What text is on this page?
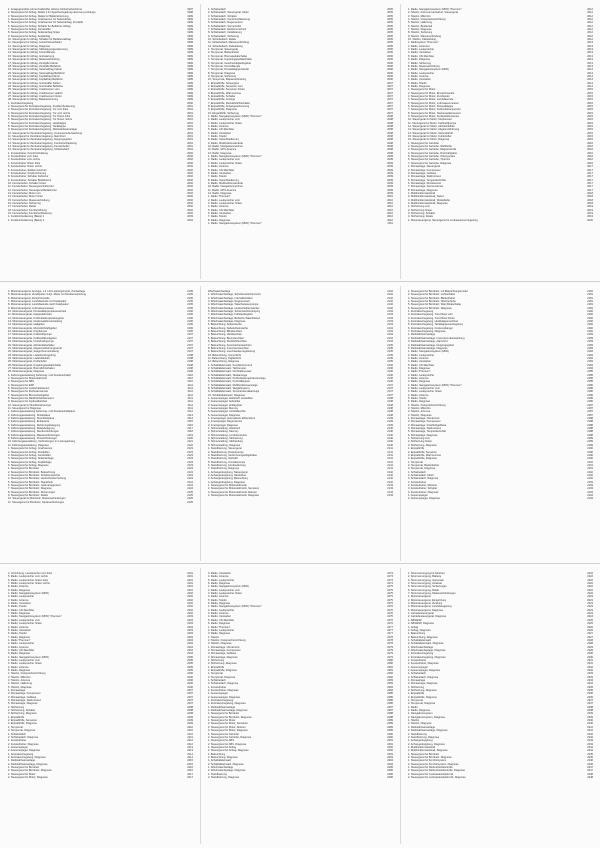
1. Anlagegrundriss (ohne Kraftstoffe) Hohere Sicherheitsschirme	1997
2. Steuergerat fur Airbag, Relais 2 fur Speicherregelung Hemmung Anhange	1998
3. Steuergerat fur Airbag, Relais fur Batterietrennung	1999
4. Steuergerat fur Airbag, Crashsensor fur Seitenairbag	1999
5. Steuergerat fur Airbag, Crashsensor fur Seitenairbag, Zundpille	1999
6. Steuergerat fur Airbag, Schalter fur Beifahrer-Airbag	1999
7. Steuergerat fur Airbag, Gurtstraffer	1999
8. Steuergerat fur Airbag, Seitenairbag hinten	1999
9. Steuergerat fur Airbag, Kopfairbag	1999
10. Steuergerat fur Airbag, Schalter fur Beifahrerairbag	1999
11. Steuergerat fur Airbag, Gurtschlossschalter	1999
12. Steuergerat fur Airbag, Diagnose	1999
13. Steuergerat fur Airbag, Sitzbelegungserkennung	1999
14. Steuergerat fur Airbag, Kontrolllampe	1999
15. Steuergerat fur Airbag, Gurtwarnung	1999
16. Steuergerat fur Airbag, Masseverbindung	1999
17. Steuergerat fur Airbag, Zundpille Fahrer	1999
18. Steuergerat fur Airbag, Zundpille Beifahrer	1999
19. Steuergerat fur Airbag, Seitenairbag Fahrer	1999
20. Steuergerat fur Airbag, Seitenairbag Beifahrer	1999
21. Steuergerat fur Airbag, Kopfairbag Fahrer	1999
22. Steuergerat fur Airbag, Kopfairbag Beifahrer	1999
23. Steuergerat fur Airbag, Gurtstraffer Fahrer	1999
24. Steuergerat fur Airbag, Gurtstraffer Beifahrer	1999
25. Steuergerat fur Airbag, Crashsensor vorn	1999
26. Steuergerat fur Airbag, Crashsensor seitlich	1999
27. Steuergerat fur Airbag, Crashsensor hinten	1999
28. Steuergerat fur Airbag, Batterietrennung	1999
1. Zentralverriegelung	2000
2. Steuergerat fur Zentralverriegelung, Funkfernbedienung	2001
3. Steuergerat fur Zentralverriegelung, Tur vorn links	2001
4. Steuergerat fur Zentralverriegelung, Tur vorn rechts	2001
5. Steuergerat fur Zentralverriegelung, Tur hinten links	2001
6. Steuergerat fur Zentralverriegelung, Tur hinten rechts	2001
7. Steuergerat fur Zentralverriegelung, Heckklappe	2001
8. Steuergerat fur Zentralverriegelung, Tankklappe	2001
9. Steuergerat fur Zentralverriegelung, Diebstahlwarnanlage	2001
10. Steuergerat fur Zentralverriegelung, Innenraumuberwachung	2001
11. Steuergerat fur Zentralverriegelung, Alarmhorn	2001
12. Steuergerat fur Zentralverriegelung, Neigungsgeber	2001
13. Steuergerat fur Zentralverriegelung, Komfortschliessung	2001
14. Steuergerat fur Zentralverriegelung, Fensterheber	2001
15. Steuergerat fur Zentralverriegelung, Schiebedach	2001
1. Fensterheber, Komfortschaltung	2002
2. Fensterheber vorn links	2002
3. Fensterheber vorn rechts	2002
4. Fensterheber hinten links	2002
5. Fensterheber hinten rechts	2002
6. Fensterheber, Einklemmschutz	2002
7. Fensterheber, Kindersicherung	2002
8. Fensterheber, Schalter Fahrertur	2002
9. Fensterheber, Schalter Beifahrertur	2002
10. Fensterheber, Schalter hinten	2002
11. Fensterheber, Steuergerat Fahrertur	2002
12. Fensterheber, Steuergerat Beifahrertur	2002
13. Fensterheber, Motor vorn	2002
14. Fensterheber, Motor hinten	2002
15. Fensterheber, Masseverbindung	2002
16. Fensterheber, Sicherung	2002
17. Fensterheber, Relais	2002
18. Fensterheber, Komfortoffnung	2002
19. Fensterheber, Komfortschliessung	2002
1. Funkfernbedienung (Basis) 1	2003
1. Funkfernbedienung (Basis) 2	2004
1. Schiebedach	2005
2. Schiebedach, Steuergerat, Motor	2005
3. Schiebedach, Schalter	2005
4. Schiebedach, Komfortschliessung	2005
5. Schiebedach, Regensensor	2005
6. Schiebedach, Sonnenrollo	2005
7. Schiebedach, Einklemmschutz	2005
8. Schiebedach, Initialisierung	2005
9. Schiebedach, Sicherung	2005
10. Schiebedach, Relais	2005
11. Schiebedach, Masseverbindung	2005
12. Schiebedach, Kabelstrang	2005
1. Tempomat, Steuergerat	2006
2. Tempomat, Bedienhebel	2006
3. Tempomat, Bremspedalschalter	2006
4. Tempomat, Kupplungspedalschalter	2006
5. Tempomat, Geschwindigkeitsgeber	2006
6. Tempomat, Kontrolllampe	2006
7. Tempomat, Drosselklappensteller	2006
8. Tempomat, Diagnose	2006
9. Tempomat, Sicherung	2006
10. Tempomat, Masseverbindung	2006
1. Einparkhilfe, Steuergerat	2007
2. Einparkhilfe, Sensoren vorn	2007
3. Einparkhilfe, Sensoren hinten	2007
4. Einparkhilfe, Warnsummer	2007
5. Einparkhilfe, Schalter	2007
6. Einparkhilfe, Anzeige	2007
7. Einparkhilfe, Ruckfahrlichtschalter	2007
8. Einparkhilfe, Anhangererkennung	2007
9. Einparkhilfe, Diagnose	2007
10. Einparkhilfe, Sicherung	2007
1. Radio, Navigationssystem (MFD) "Premium"	2008
2. Radio, Lautsprecher vorn	2008
3. Radio, Lautsprecher hinten	2008
4. Radio, Antenne	2008
5. Radio, CD-Wechsler	2008
6. Radio, Verstarker	2008
7. Radio, Telefon	2008
8. Radio, Sprachbedienung	2008
9. Radio, Multifunktionslenkrad	2008
10. Radio, Navigationsrechner	2008
11. Radio, GPS-Antenne	2008
12. Radio, Diagnose	2008
1. Radio, Navigationssystem (MFD) "Premium"	2009
2. Radio, Lautsprecher vorn	2009
3. Radio, Lautsprecher hinten	2009
4. Radio, Antenne	2009
5. Radio, CD-Wechsler	2009
6. Radio, Verstarker	2009
7. Radio, Telefon	2009
8. Radio, Sprachbedienung	2009
9. Radio, Multifunktionslenkrad	2009
10. Radio, Navigationsrechner	2009
11. Radio, GPS-Antenne	2009
12. Radio, Diagnose	2009
1. Radio "Premium"	2010
2. Radio, Lautsprecher vorn	2010
3. Radio, Lautsprecher hinten	2010
4. Radio, Antenne	2010
5. Radio, CD-Wechsler	2010
6. Radio, Verstarker	2010
7. Radio, Telefon	2010
8. Radio, Diagnose	2010
1. Radio, Navigationssystem (MFD) "Premium"	2011
1. Radio, Navigationssystem (MFD) "Premium"	2012
2. Telefon, Antennenverstarker, Steuergerat	2012
3. Telefon, Mikrofon	2012
4. Telefon, Freisprecheinrichtung	2012
5. Telefon, Halterung	2012
6. Telefon, Bedienteil	2012
7. Telefon, Diagnose	2012
8. Telefon, Sicherung	2012
9. Telefon, Masseverbindung	2012
10. Telefon, Kabelstrang	2012
1. Radiosystem "Premium"	2013
2. Radio, Antennen	2013
3. Radio, Lautsprecher	2013
4. Radio, Verstarker	2013
5. Radio, CD-Wechsler	2013
6. Radio, Diagnose	2013
7. Radio, Sicherung	2013
8. Radio, Masseverbindung	2013
1. Radio, Navigationssystem (MFD)	2014
2. Radio, Lautsprecher	2014
3. Radio, Antenne	2014
4. Radio, Verstarker	2014
5. Radio, Telefon	2014
6. Radio, Diagnose	2014
1. Steuergerat fur Motor	2015
2. Steuergerat fur Motor, Einspritzventile	2015
3. Steuergerat fur Motor, Zundspulen	2015
4. Steuergerat fur Motor, Lambdasonde	2015
5. Steuergerat fur Motor, Luftmassenmesser	2015
6. Steuergerat fur Motor, Drosselklappe	2015
7. Steuergerat fur Motor, Kuhlmitteltemperatur	2015
8. Steuergerat fur Motor, Nockenwellensensor	2015
9. Steuergerat fur Motor, Kurbelwellensensor	2015
10. Steuergerat fur Motor, Klopfsensor	2015
11. Steuergerat fur Motor, Kraftstoffpumpe	2015
12. Steuergerat fur Motor, Aktivkohlefilter	2015
13. Steuergerat fur Motor, Abgasruckfuhrung	2015
14. Steuergerat fur Motor, Sekundarluft	2015
15. Steuergerat fur Motor, Kuhlerlufter	2015
16. Steuergerat fur Motor, Diagnose	2015
1. Steuergerat fur Getriebe	2016
2. Steuergerat fur Getriebe, Wahlhebel	2016
3. Steuergerat fur Getriebe, Magnetventile	2016
4. Steuergerat fur Getriebe, Drehzahlgeber	2016
5. Steuergerat fur Getriebe, Oltemperatur	2016
6. Steuergerat fur Getriebe, Tiptronic	2016
7. Steuergerat fur Getriebe, Diagnose	2016
1. Klimaanlage, Steuergerat	2017
2. Klimaanlage, Kompressor	2017
3. Klimaanlage, Geblase	2017
4. Klimaanlage, Stellmotoren	2017
5. Klimaanlage, Temperaturfuhler	2017
6. Klimaanlage, Drucksensor	2017
7. Klimaanlage, Sonnensensor	2017
8. Klimaanlage, Diagnose	2017
1. Multifunktionslenkrad	2018
2. Multifunktionslenkrad, Tasten	2018
3. Multifunktionslenkrad, Wickelfeder	2018
4. Multifunktionslenkrad, Diagnose	2018
1. Sitzheizung vorn	2019
2. Sitzheizung hinten	2019
3. Sitzheizung, Schalter	2019
4. Sitzheizung, Relais	2019
1. Motorsteuergerat, Steuergerat fur Lenksaulenverriegelung	2020
4. Motorsteuergerat, Anzeige, 1.4 l-4V-Leistungsmotor, Zundanlage	2105
5. Motorsteuergerat, Zundspulen 4-Zyl.-Motor mit Direkteinspritzung	2105
6. Motorsteuergerat, Einspritzventile	2105
7. Motorsteuergerat, Lambdasonde vor Katalysator	2105
8. Motorsteuergerat, Lambdasonde nach Katalysator	2105
9. Motorsteuergerat, Luftmassenmesser	2105
10. Motorsteuergerat, Drosselklappensteuereinheit	2106
11. Motorsteuergerat, Gaspedalmodul	2106
12. Motorsteuergerat, Kuhlmitteltemperaturgeber	2106
13. Motorsteuergerat, Nockenwellenverstellung	2106
14. Motorsteuergerat, Hallgeber	2106
15. Motorsteuergerat, Motordrehzahlgeber	2106
16. Motorsteuergerat, Klopfsensor	2106
17. Motorsteuergerat, Kraftstoffpumpe	2107
18. Motorsteuergerat, Kraftstoffdruckgeber	2107
19. Motorsteuergerat, Hochdruckpumpe	2107
20. Motorsteuergerat, Aktivkohlebehalter	2107
21. Motorsteuergerat, Abgasruckfuhrungsventil	2107
22. Motorsteuergerat, Saugrohrumschaltung	2107
23. Motorsteuergerat, Ladedruckregelung	2108
24. Motorsteuergerat, Ladeluftkuhler	2108
25. Motorsteuergerat, Kuhlerlufter	2108
26. Motorsteuergerat, Kupplungspedalschalter	2108
27. Motorsteuergerat, Bremslichtschalter	2108
28. Motorsteuergerat, Diagnose	2108
1. Fahrzeugausstattung Fahrzeug- und Sonderschaltpl.	2110
2. Steuergerat fur Motorelektronik	2110
3. Steuergerat fur ABS	2110
4. Steuergerat fur ESP	2111
5. Steuergerat fur Lenkwinkelsensor	2111
6. Steuergerat fur Drehratensensor	2111
7. Steuergerat fur Bremsdruckgeber	2111
8. Steuergerat fur Raddrehzahlsensoren	2111
9. Steuergerat fur Hydraulikeinheit	2111
10. Steuergerat fur Ruckforderpumpe	2111
11. Steuergerat fur Diagnose	2111
1. Fahrzeugausstattung Fahrzeug- und Sonderschaltplane	2112
2. Fahrzeugausstattung, Schaltplane	2113
3. Fahrzeugausstattung, Stromlaufplane	2114
4. Fahrzeugausstattung, Einbauorte	2115
5. Fahrzeugausstattung, Sicherungsbelegung	2116
6. Fahrzeugausstattung, Relaisbelegung	2117
7. Fahrzeugausstattung, Steckverbindungen	2118
8. Fahrzeugausstattung, Masseverbindungen	2119
9. Fahrzeugausstattung, Plusverbindungen	2120
10. Fahrzeugausstattung, Verbindungen im Leitungsstrang	2121
11. Fahrzeugausstattung, Diagnose	2122
1. Steuergerat fur Airbag, Crashsensor	2123
2. Steuergerat fur Airbag, Zundpillen	2123
3. Steuergerat fur Airbag, Gurtstraffer	2123
4. Steuergerat fur Airbag, Seitenairbags	2123
5. Steuergerat fur Airbag, Kopfairbags	2123
6. Steuergerat fur Airbag, Diagnose	2123
1. Steuergerat fur Bordnetz	2124
2. Steuergerat fur Bordnetz, Beleuchtung	2124
3. Steuergerat fur Bordnetz, Scheibenwischer	2124
4. Steuergerat fur Bordnetz, Heckscheibenheizung	2124
5. Steuergerat fur Bordnetz, Signalhorn	2124
6. Steuergerat fur Bordnetz, Lastmanagement	2124
7. Steuergerat fur Bordnetz, Diagnose	2124
8. Steuergerat fur Bordnetz, Sicherungen	2125
9. Steuergerat fur Bordnetz, Relais	2125
10. Steuergerat fur Bordnetz, Masseverbindungen	2125
11. Steuergerat fur Bordnetz, Steckverbindungen	2125
Wischwaschanlage	2132
1. Wischwaschanlage, Scheibenwischermotor	2132
2. Wischwaschanlage, Intervallschalter	2132
3. Wischwaschanlage, Regensensor	2132
4. Wischwaschanlage, Waschwasserpumpe	2132
5. Wischwaschanlage, Heckscheibenwischer	2132
6. Wischwaschanlage, Scheinwerferreinigung	2133
7. Wischwaschanlage, Fullstandsgeber	2133
8. Wischwaschanlage, Beheizte Waschdusen	2133
9. Wischwaschanlage, Diagnose	2133
1. Beleuchtung, Scheinwerfer	2134
2. Beleuchtung, Nebelscheinwerfer	2134
3. Beleuchtung, Blinkleuchten	2134
4. Beleuchtung, Heckleuchten	2134
5. Beleuchtung, Bremsleuchten	2134
6. Beleuchtung, Ruckfahrleuchten	2134
7. Beleuchtung, Kennzeichenleuchten	2135
8. Beleuchtung, Innenraumleuchten	2135
9. Beleuchtung, Leuchtweitenregulierung	2135
10. Beleuchtung, Kurvenlicht	2135
11. Beleuchtung, Tagfahrlicht	2135
12. Beleuchtung, Diagnose	2135
1. Schalttafeleinsatz, Kombiinstrument	2136
2. Schalttafeleinsatz, Tachometer	2136
3. Schalttafeleinsatz, Drehzahlmesser	2136
4. Schalttafeleinsatz, Tankanzeige	2136
5. Schalttafeleinsatz, Kuhlmitteltemperaturanzeige	2136
6. Schalttafeleinsatz, Kontrolllampen	2136
7. Schalttafeleinsatz, Multifunktionsanzeige	2137
8. Schalttafeleinsatz, Wegfahrsperre	2137
9. Schalttafeleinsatz, Serviceintervallanzeige	2137
10. Schalttafeleinsatz, Diagnose	2137
1. Aussenspiegel, elektrisch verstellbar	2138
2. Aussenspiegel, beheizbar	2138
3. Aussenspiegel, anklappbar	2138
4. Aussenspiegel, Memory	2138
5. Aussenspiegel, Umfeldleuchte	2138
6. Aussenspiegel, Diagnose	2138
1. Innenspiegel, automatisch abblendend	2139
2. Innenspiegel, Regensensor	2139
3. Innenspiegel, Diagnose	2139
1. Sitzverstellung, elektrisch	2140
2. Sitzverstellung, Memory	2140
3. Sitzverstellung, Lordosenstutze	2140
4. Sitzverstellung, Sitzheizung	2140
5. Sitzverstellung, Sitzbelufung	2140
6. Sitzverstellung, Diagnose	2140
1. Standheizung, Steuergerat	2141
2. Standheizung, Dosierpumpe	2141
3. Standheizung, Verbrennungsluftgeblase	2141
4. Standheizung, Gluhstift	2141
5. Standheizung, Umwalzpumpe	2141
6. Standheizung, Fernbedienung	2141
7. Standheizung, Diagnose	2141
1. Anhangerkupplung, Steuergerat	2142
2. Anhangerkupplung, Steckdose	2142
3. Anhangerkupplung, Beleuchtung	2142
4. Anhangerkupplung, Diagnose	2142
1. Steuergerat fur Motorelektronik	2143
2. Steuergerat fur Motorelektronik, Sensoren	2143
3. Steuergerat fur Motorelektronik, Aktoren	2143
4. Steuergerat fur Motorelektronik, Diagnose	2143
1. Steuergerat fur Bordnetz, mit Beleuchtungsmodul	2181
2. Steuergerat fur Bordnetz, Lichtschalter	2181
3. Steuergerat fur Bordnetz, Blinkerhebel	2181
4. Steuergerat fur Bordnetz, Wischerhebel	2181
5. Steuergerat fur Bordnetz, Warnblinkschalter	2181
6. Steuergerat fur Bordnetz, Diagnose	2181
1. Zentralverriegelung	2182
2. Zentralverriegelung, Turschloss vorn	2182
3. Zentralverriegelung, Turschloss hinten	2182
4. Zentralverriegelung, Heckklappenschloss	2182
5. Zentralverriegelung, Tankklappenentriegelung	2182
6. Zentralverriegelung, Funkempfanger	2182
7. Zentralverriegelung, Diagnose	2182
1. Diebstahlwarnanlage	2183
2. Diebstahlwarnanlage, Innenraumuberwachung	2183
3. Diebstahlwarnanlage, Alarmhorn	2183
4. Diebstahlwarnanlage, Neigungsgeber	2183
5. Diebstahlwarnanlage, Diagnose	2183
1. Radio, Navigationssystem (MFD)	2184
2. Radio, Lautsprecher	2184
3. Radio, Antenne	2184
4. Radio, Verstarker	2184
5. Radio, CD-Wechsler	2184
6. Radio, Diagnose	2184
1. Radio "Premium"	2185
2. Radio, Lautsprecher	2185
3. Radio, Antenne	2185
4. Radio, Diagnose	2185
1. Radio, Navigationssystem (MFD) "Premium"	2186
2. Radio, Lautsprecher vorn	2186
3. Radio, Lautsprecher hinten	2186
4. Radio, Antenne	2186
5. Radio, Telefon	2186
6. Radio, Diagnose	2186
1. Telefon, Freisprecheinrichtung	2187
2. Telefon, Mikrofon	2187
3. Telefon, Antenne	2187
4. Telefon, Diagnose	2187
1. Klimaanlage, Climatronic	2188
2. Klimaanlage, Kompressor	2188
3. Klimaanlage, Frischluftgeblase	2188
4. Klimaanlage, Stellmotoren	2188
5. Klimaanlage, Temperaturfuhler	2188
6. Klimaanlage, Diagnose	2188
1. Sitzheizung vorn	2189
2. Sitzheizung hinten	2189
3. Sitzheizung, Diagnose	2189
1. Einparkhilfe	2190
2. Einparkhilfe, Sensoren	2190
3. Einparkhilfe, Warnsummer	2190
4. Einparkhilfe, Diagnose	2190
1. Tempomat	2191
2. Tempomat, Bedienhebel	2191
3. Tempomat, Diagnose	2191
1. Schiebedach	2192
2. Schiebedach, Motor	2192
3. Schiebedach, Diagnose	2192
1. Fensterheber	2193
2. Fensterheber, Motoren	2193
3. Fensterheber, Schalter	2193
4. Fensterheber, Diagnose	2193
1. Aussenspiegel	2194
2. Aussenspiegel, Diagnose	2194
4. Vorrichtung, Lautsprecher vorn links	2201
5. Radio, Lautsprecher vorn rechts	2201
6. Radio, Lautsprecher hinten links	2201
7. Radio, Lautsprecher hinten rechts	2201
8. Radio, Antenne	2201
9. Radio, Diagnose	2201
1. Radio, Navigationssystem (MFD)	2202
2. Radio, Lautsprecher	2202
3. Radio, Antenne	2202
4. Radio, Verstarker	2202
5. Radio, Telefon	2202
6. Radio, CD-Wechsler	2202
7. Radio, Diagnose	2202
1. Radio, Navigationssystem (MFD) "Premium"	2203
2. Radio, Lautsprecher vorn	2203
3. Radio, Lautsprecher hinten	2203
4. Radio, Antenne	2203
5. Radio, Verstarker	2203
6. Radio, Telefon	2203
7. Radio, Diagnose	2203
1. Radio "Premium"	2204
2. Radio, Lautsprecher	2204
3. Radio, Antenne	2204
4. Radio, CD-Wechsler	2204
5. Radio, Diagnose	2204
1. Radio, Navigationssystem (MFD)	2205
2. Radio, Lautsprecher vorn	2205
3. Radio, Lautsprecher hinten	2205
4. Radio, Antenne	2205
5. Radio, Diagnose	2205
1. Telefon, Freisprecheinrichtung	2206
2. Telefon, Mikrofon	2206
3. Telefon, Antenne	2206
4. Telefon, Halterung	2206
5. Telefon, Diagnose	2206
1. Klimaanlage	2207
2. Klimaanlage, Kompressor	2207
3. Klimaanlage, Geblase	2207
4. Klimaanlage, Stellmotoren	2207
5. Klimaanlage, Diagnose	2207
1. Sitzheizung	2208
2. Sitzheizung, Schalter	2208
3. Sitzheizung, Diagnose	2208
1. Einparkhilfe	2209
2. Einparkhilfe, Sensoren	2209
3. Einparkhilfe, Diagnose	2209
1. Tempomat	2210
2. Tempomat, Diagnose	2210
1. Schiebedach	2211
2. Schiebedach, Diagnose	2211
1. Fensterheber	2212
2. Fensterheber, Diagnose	2212
1. Aussenspiegel	2213
2. Aussenspiegel, Diagnose	2213
1. Zentralverriegelung	2214
2. Zentralverriegelung, Diagnose	2214
1. Diebstahlwarnanlage	2215
2. Diebstahlwarnanlage, Diagnose	2215
1. Steuergerat fur Bordnetz	2216
2. Steuergerat fur Bordnetz, Diagnose	2216
1. Steuergerat fur Motor	2217
2. Steuergerat fur Motor, Diagnose	2217
3. Radio, Verstarker	2274
4. Radio, Antenne	2274
5. Radio, Lautsprecher	2274
6. Radio, Diagnose	2274
1. Radio, Navigationssystem (MFD)	2275
2. Radio, Lautsprecher vorn	2275
3. Radio, Lautsprecher hinten	2275
4. Radio, Antenne	2275
5. Radio, Telefon	2275
6. Radio, Diagnose	2275
1. Radio, Navigationssystem (MFD) "Premium"	2276
2. Radio, Lautsprecher	2276
3. Radio, Antenne	2276
4. Radio, Verstarker	2276
5. Radio, CD-Wechsler	2276
6. Radio, Diagnose	2276
1. Radio "Premium"	2277
2. Radio, Lautsprecher	2277
3. Radio, Diagnose	2277
1. Telefon	2278
2. Telefon, Freisprecheinrichtung	2278
3. Telefon, Diagnose	2278
1. Klimaanlage, Climatronic	2279
2. Klimaanlage, Kompressor	2279
3. Klimaanlage, Geblase	2279
4. Klimaanlage, Diagnose	2279
1. Sitzheizung	2280
2. Sitzheizung, Diagnose	2280
1. Einparkhilfe	2281
2. Einparkhilfe, Diagnose	2281
1. Tempomat	2282
2. Tempomat, Diagnose	2282
1. Schiebedach	2283
2. Schiebedach, Diagnose	2283
1. Fensterheber	2284
2. Fensterheber, Diagnose	2284
1. Aussenspiegel	2285
2. Aussenspiegel, Diagnose	2285
1. Zentralverriegelung	2286
2. Zentralverriegelung, Diagnose	2286
1. Diebstahlwarnanlage	2287
2. Diebstahlwarnanlage, Diagnose	2287
1. Steuergerat fur Bordnetz	2288
2. Steuergerat fur Bordnetz, Diagnose	2288
1. Steuergerat fur Motor	2289
2. Steuergerat fur Motor, Sensoren	2289
3. Steuergerat fur Motor, Aktoren	2289
4. Steuergerat fur Motor, Diagnose	2289
1. Steuergerat fur Getriebe	2290
2. Steuergerat fur Getriebe, Diagnose	2290
1. Steuergerat fur ABS	2291
2. Steuergerat fur ABS, Diagnose	2291
1. Steuergerat fur Airbag	2292
2. Steuergerat fur Airbag, Diagnose	2292
1. Beleuchtung	2293
2. Beleuchtung, Diagnose	2293
1. Schalttafeleinsatz	2294
2. Schalttafeleinsatz, Diagnose	2294
1. Wischwaschanlage	2295
2. Wischwaschanlage, Diagnose	2295
1. Standheizung	2296
2. Standheizung, Diagnose	2296
1. Stromversorgung fur Motoren	2322
2. Stromversorgung, Batterie	2322
3. Stromversorgung, Generator	2322
4. Stromversorgung, Anlasser	2322
5. Stromversorgung, Sicherungen	2322
6. Stromversorgung, Relais	2322
7. Stromversorgung, Masseverbindungen	2322
1. Motorsteuergerat	2323
2. Motorsteuergerat, Einspritzung	2323
3. Motorsteuergerat, Zundung	2323
4. Motorsteuergerat, Lambdaregelung	2323
5. Motorsteuergerat, Diagnose	2323
1. Getriebesteuergerat	2324
2. Getriebesteuergerat, Diagnose	2324
1. ABS/ESP	2325
2. ABS/ESP, Diagnose	2325
1. Airbag	2326
2. Airbag, Diagnose	2326
1. Beleuchtung	2327
2. Beleuchtung, Diagnose	2327
1. Schalttafeleinsatz	2328
2. Schalttafeleinsatz, Diagnose	2328
1. Wischwaschanlage	2329
2. Wischwaschanlage, Diagnose	2329
1. Zentralverriegelung	2330
2. Zentralverriegelung, Diagnose	2330
1. Fensterheber	2331
2. Fensterheber, Diagnose	2331
1. Aussenspiegel	2332
2. Aussenspiegel, Diagnose	2332
1. Schiebedach	2333
2. Schiebedach, Diagnose	2333
1. Klimaanlage	2334
2. Klimaanlage, Diagnose	2334
1. Sitzheizung	2335
2. Sitzheizung, Diagnose	2335
1. Einparkhilfe	2336
2. Einparkhilfe, Diagnose	2336
1. Tempomat	2337
2. Tempomat, Diagnose	2337
1. Radio	2338
2. Radio, Diagnose	2338
1. Navigationssystem	2339
2. Navigationssystem, Diagnose	2339
1. Telefon	2340
2. Telefon, Diagnose	2340
1. Diebstahlwarnanlage	2341
2. Diebstahlwarnanlage, Diagnose	2341
1. Standheizung	2342
2. Standheizung, Diagnose	2342
1. Anhangerkupplung	2343
2. Anhangerkupplung, Diagnose	2343
1. Multifunktionslenkrad	2344
2. Multifunktionslenkrad, Diagnose	2344
1. Steuergerat fur Bordnetz	2345
2. Steuergerat fur Bordnetz, Diagnose	2345
1. Steuergerat fur Komfortsystem	2346
2. Steuergerat fur Komfortsystem, Diagnose	2346
1. Steuergerat fur Reifendruckkontrolle	2347
2. Steuergerat fur Reifendruckkontrolle, Diagnose	2347
1. Steuergerat fur Lenksaulenelektronik	2348
2. Steuergerat fur Lenksaulenelektronik, Diagnose	2348
